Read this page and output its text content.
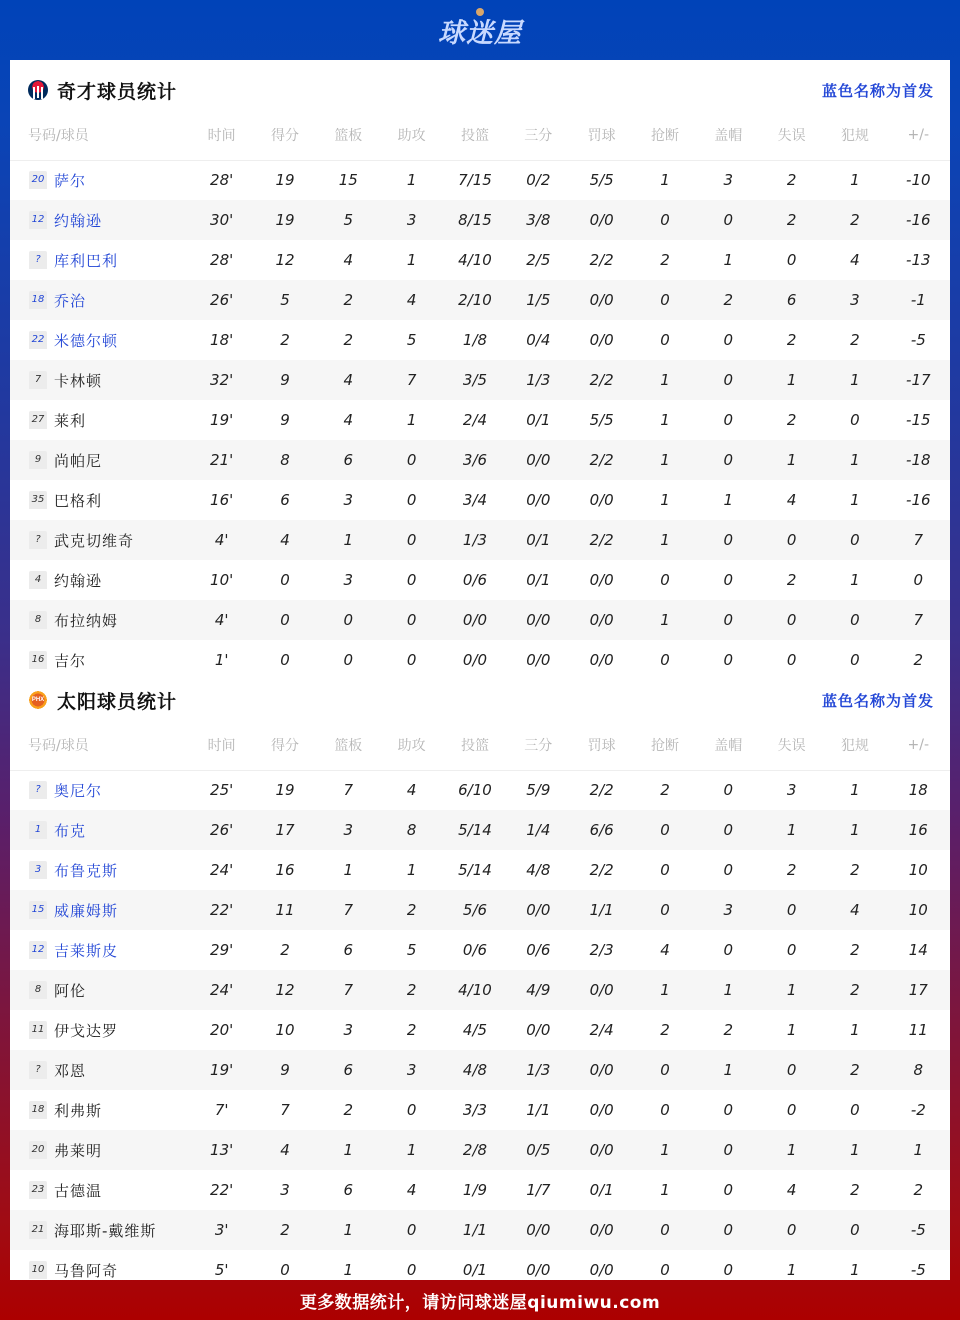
球迷屋
奇才球员统计	蓝色名称为首发
号码/球员	时间	得分	篮板	助攻	投篮	三分	罚球	抢断	盖帽	失误	犯规	+/-
20 萨尔	28'	19	15	1	7/15	0/2	5/5	1	3	2	1	-10
12 约翰逊	30'	19	5	3	8/15	3/8	0/0	0	0	2	2	-16
? 库利巴利	28'	12	4	1	4/10	2/5	2/2	2	1	0	4	-13
18 乔治	26'	5	2	4	2/10	1/5	0/0	0	2	6	3	-1
22 米德尔顿	18'	2	2	5	1/8	0/4	0/0	0	0	2	2	-5
7 卡林顿	32'	9	4	7	3/5	1/3	2/2	1	0	1	1	-17
27 莱利	19'	9	4	1	2/4	0/1	5/5	1	0	2	0	-15
9 尚帕尼	21'	8	6	0	3/6	0/0	2/2	1	0	1	1	-18
35 巴格利	16'	6	3	0	3/4	0/0	0/0	1	1	4	1	-16
? 武克切维奇	4'	4	1	0	1/3	0/1	2/2	1	0	0	0	7
4 约翰逊	10'	0	3	0	0/6	0/1	0/0	0	0	2	1	0
8 布拉纳姆	4'	0	0	0	0/0	0/0	0/0	1	0	0	0	7
16 吉尔	1'	0	0	0	0/0	0/0	0/0	0	0	0	0	2
PHX 太阳球员统计	蓝色名称为首发
号码/球员	时间	得分	篮板	助攻	投篮	三分	罚球	抢断	盖帽	失误	犯规	+/-
? 奥尼尔	25'	19	7	4	6/10	5/9	2/2	2	0	3	1	18
1 布克	26'	17	3	8	5/14	1/4	6/6	0	0	1	1	16
3 布鲁克斯	24'	16	1	1	5/14	4/8	2/2	0	0	2	2	10
15 威廉姆斯	22'	11	7	2	5/6	0/0	1/1	0	3	0	4	10
12 吉莱斯皮	29'	2	6	5	0/6	0/6	2/3	4	0	0	2	14
8 阿伦	24'	12	7	2	4/10	4/9	0/0	1	1	1	2	17
11 伊戈达罗	20'	10	3	2	4/5	0/0	2/4	2	2	1	1	11
? 邓恩	19'	9	6	3	4/8	1/3	0/0	0	1	0	2	8
18 利弗斯	7'	7	2	0	3/3	1/1	0/0	0	0	0	0	-2
20 弗莱明	13'	4	1	1	2/8	0/5	0/0	1	0	1	1	1
23 古德温	22'	3	6	4	1/9	1/7	0/1	1	0	4	2	2
21 海耶斯-戴维斯	3'	2	1	0	1/1	0/0	0/0	0	0	0	0	-5
10 马鲁阿奇	5'	0	1	0	0/1	0/0	0/0	0	0	1	1	-5
更多数据统计，请访问球迷屋qiumiwu.com
